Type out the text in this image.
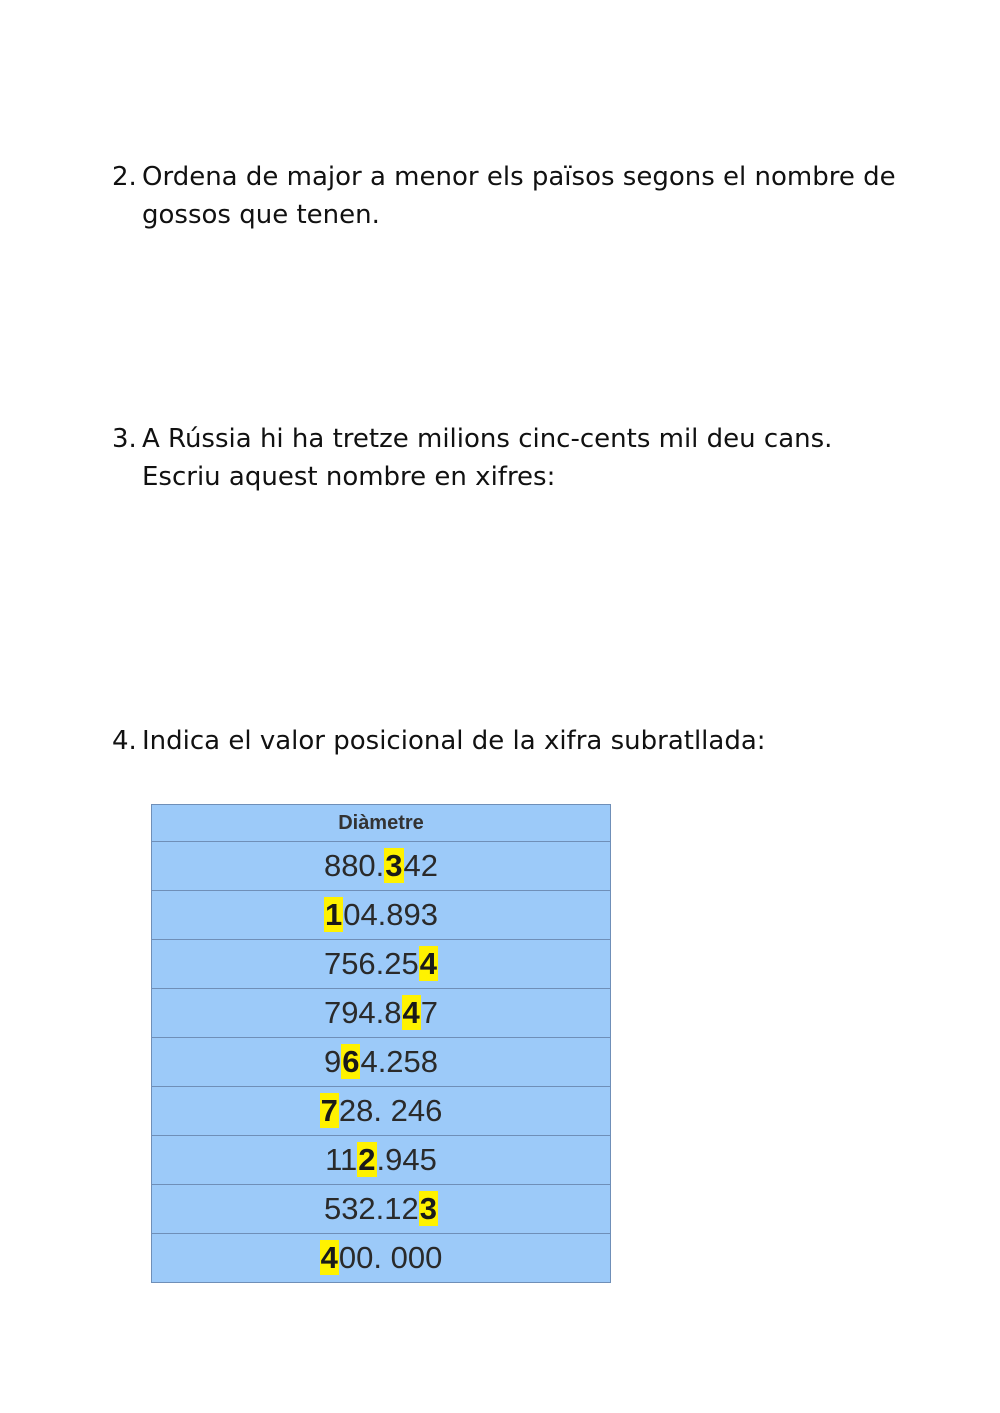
2. Ordena de major a menor els països segons el nombre de gossos que tenen.
3. A Rússia hi ha tretze milions cinc-cents mil deu cans. Escriu aquest nombre en xifres:
4. Indica el valor posicional de la xifra subratllada:
Diàmetre
880.342
104.893
756.254
794.847
964.258
728. 246
112.945
532.123
400. 000
